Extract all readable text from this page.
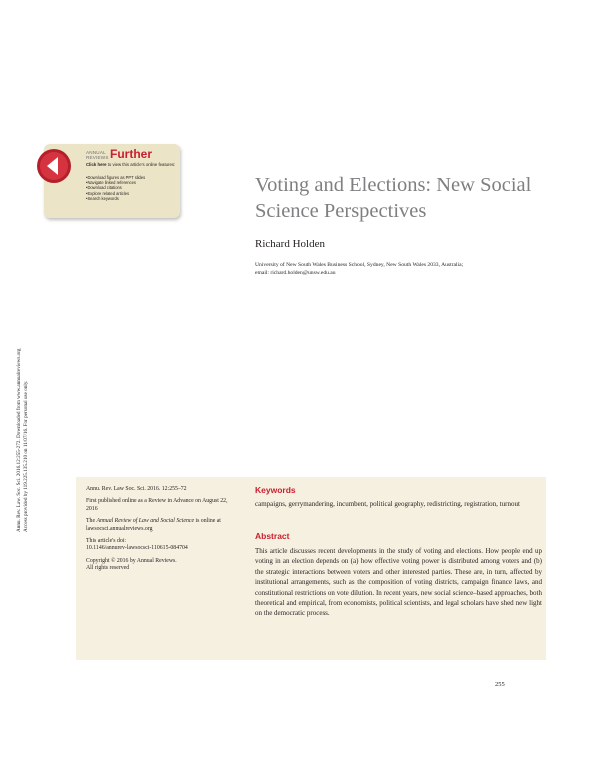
ANNUAL
REVIEWS Further
Click here to view this article's online features:
• Download figures as PPT slides
• Navigate linked references
• Download citations
• Explore related articles
• Search keywords
Annu. Rev. Law. Soc. Sci. 2016.12:255-272. Downloaded from www.annualreviews.org Access provided by 119.225.135.210 on 11/07/16. For personal use only.
Voting and Elections: New Social Science Perspectives
Richard Holden
University of New South Wales Business School, Sydney, New South Wales 2033, Australia;
email: richard.holden@unsw.edu.au

Annu. Rev. Law Soc. Sci. 2016. 12:255–72

First published online as a Review in Advance on August 22, 2016

The Annual Review of Law and Social Science is online at lawsocsci.annualreviews.org

This article's doi:
10.1146/annurev-lawsocsci-110615-084704

Copyright © 2016 by Annual Reviews.
All rights reserved

Keywords
campaigns, gerrymandering, incumbent, political geography, redistricting, registration, turnout
Abstract
This article discusses recent developments in the study of voting and elections. How people end up voting in an election depends on (a) how effective voting power is distributed among voters and (b) the strategic interactions between voters and other interested parties. These are, in turn, affected by institutional arrangements, such as the composition of voting districts, campaign finance laws, and constitutional restrictions on vote dilution. In recent years, new social science–based approaches, both theoretical and empirical, from economists, political scientists, and legal scholars have shed new light on the democratic process.
255
